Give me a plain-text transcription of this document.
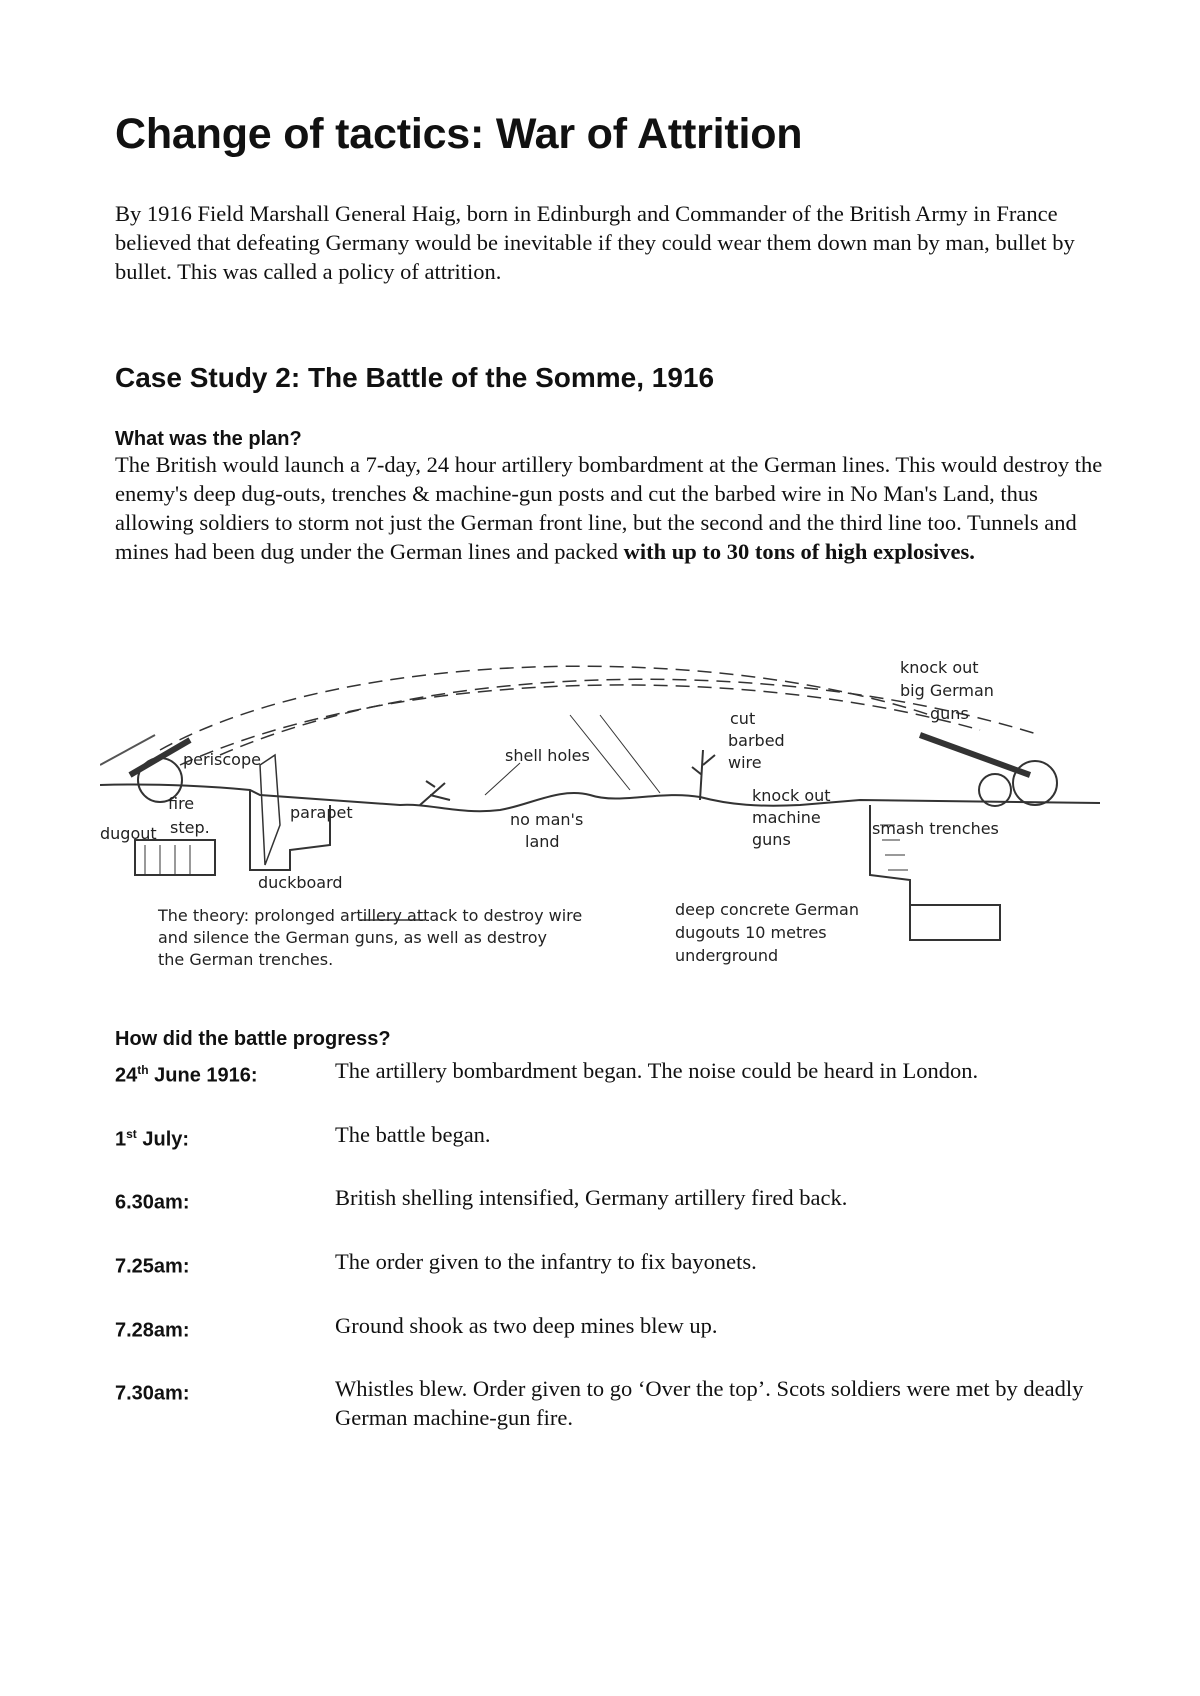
Change of tactics: War of Attrition

By 1916 Field Marshall General Haig, born in Edinburgh and Commander of the British Army in France believed that defeating Germany would be inevitable if they could wear them down man by man, bullet by bullet. This was called a policy of attrition.

Case Study 2: The Battle of the Somme, 1916
What was the plan?

The British would launch a 7-day, 24 hour artillery bombardment at the German lines. This would destroy the enemy's deep dug-outs, trenches & machine-gun posts and cut the barbed wire in No Man's Land, thus allowing soldiers to storm not just the German front line, but the second and the third line too. Tunnels and mines had been dug under the German lines and packed with up to 30 tons of high explosives.

periscope
fire
step.
dugout
parapet
duckboard
shell holes
no man's
land
cut
barbed
wire
knock out
machine
guns
knock out
big German
guns
smash trenches
The theory: prolonged artillery attack to destroy wire
and silence the German guns, as well as destroy
the German trenches.
deep concrete German
dugouts 10 metres
underground
How did the battle progress?
24th June 1916:	The artillery bombardment began. The noise could be heard in London.
1st July:	The battle began.
6.30am:	British shelling intensified, Germany artillery fired back.
7.25am:	The order given to the infantry to fix bayonets.
7.28am:	Ground shook as two deep mines blew up.
7.30am:	Whistles blew. Order given to go ‘Over the top’. Scots soldiers were met by deadly German machine-gun fire.
